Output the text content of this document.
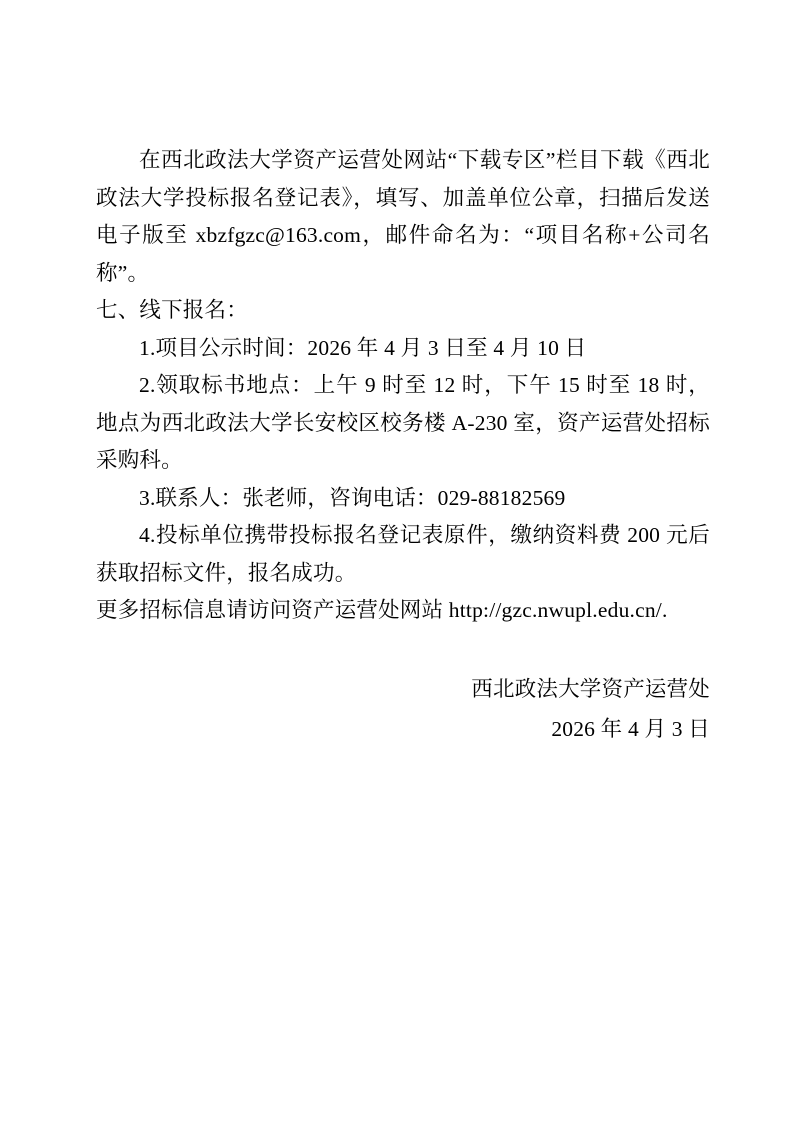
在西北政法大学资产运营处网站“下载专区”栏目下载《西北政法大学投标报名登记表》，填写、加盖单位公章，扫描后发送电子版至 xbzfgzc@163.com，邮件命名为：“项目名称+公司名称”。

七、线下报名：

1.项目公示时间：2026 年 4 月 3 日至 4 月 10 日

2.领取标书地点：上午 9 时至 12 时，下午 15 时至 18 时，地点为西北政法大学长安校区校务楼 A-230 室，资产运营处招标采购科。

3.联系人：张老师，咨询电话：029-88182569

4.投标单位携带投标报名登记表原件，缴纳资料费 200 元后获取招标文件，报名成功。

更多招标信息请访问资产运营处网站 http://gzc.nwupl.edu.cn/.

西北政法大学资产运营处

2026 年 4 月 3 日
